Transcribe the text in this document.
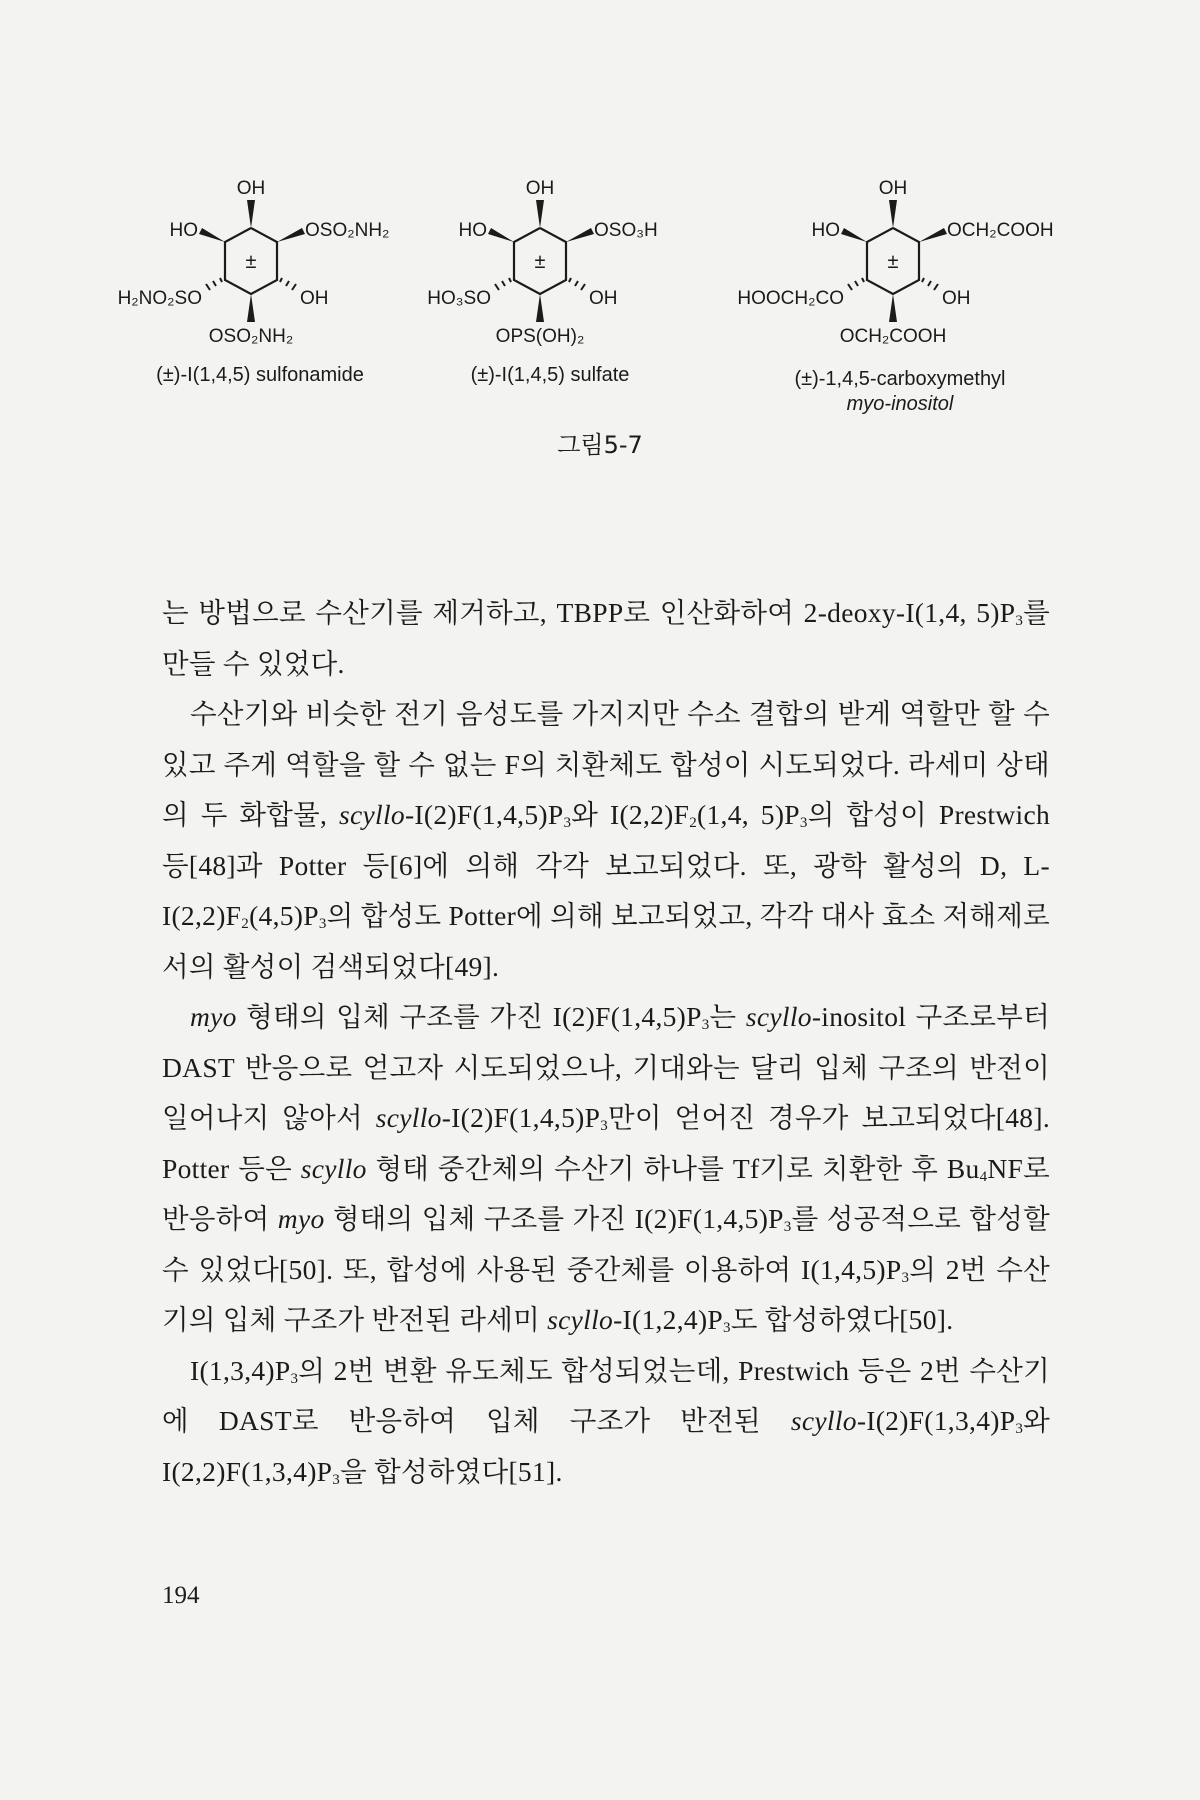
OH
HO	OSO₂NH₂
H₂NO₂SO	OH
OSO₂NH₂
±
OH
HO	OSO₃H
HO₃SO	OH
OPS(OH)₂
±
OH
HO	OCH₂COOH
HOOCH₂CO	OH
OCH₂COOH
±
(±)-I(1,4,5) sulfonamide	(±)-I(1,4,5) sulfate	(±)-1,4,5-carboxymethyl
myo-inositol
그림5-7

는 방법으로 수산기를 제거하고, TBPP로 인산화하여 2-deoxy-I(1,4, $5)P_3$를 만들 수 있었다.

수산기와 비슷한 전기 음성도를 가지지만 수소 결합의 받게 역할만 할 수 있고 주게 역할을 할 수 없는 F의 치환체도 합성이 시도되었다. 라세미 상태의 두 화합물, scyllo-$I(2)F(1,4,5)P_3$와 $I(2,2)F_2(1,4$, $5)P_3$의 합성이 Prestwich 등[48]과 Potter 등[6]에 의해 각각 보고되었다. 또, 광학 활성의 D, $L-I(2,2)F_2(4,5)P_3$의 합성도 Potter에 의해 보고되었고, 각각 대사 효소 저해제로서의 활성이 검색되었다[49].

myo 형태의 입체 구조를 가진 $I(2)F(1,4,5)P_3$는 scyllo-inositol 구조로부터 DAST 반응으로 얻고자 시도되었으나, 기대와는 달리 입체 구조의 반전이 일어나지 않아서 scyllo-$I(2)F(1,4,5)P_3$만이 얻어진 경우가 보고되었다[48]. Potter 등은 scyllo 형태 중간체의 수산기 하나를 Tf기로 치환한 후 $Bu_4NF$로 반응하여 myo 형태의 입체 구조를 가진 $I(2)F(1,4,5)P_3$를 성공적으로 합성할 수 있었다[50]. 또, 합성에 사용된 중간체를 이용하여 $I(1,4,5)P_3$의 2번 수산기의 입체 구조가 반전된 라세미 scyllo-$I(1,2,4)P_3$도 합성하였다[50].

$I(1,3,4)P_3$의 2번 변환 유도체도 합성되었는데, Prestwich 등은 2번 수산기에 DAST로 반응하여 입체 구조가 반전된 scyllo-$I(2)F(1,3,4)P_3$와 $I(2,2)F(1,3,4)P_3$을 합성하였다[51].

194
